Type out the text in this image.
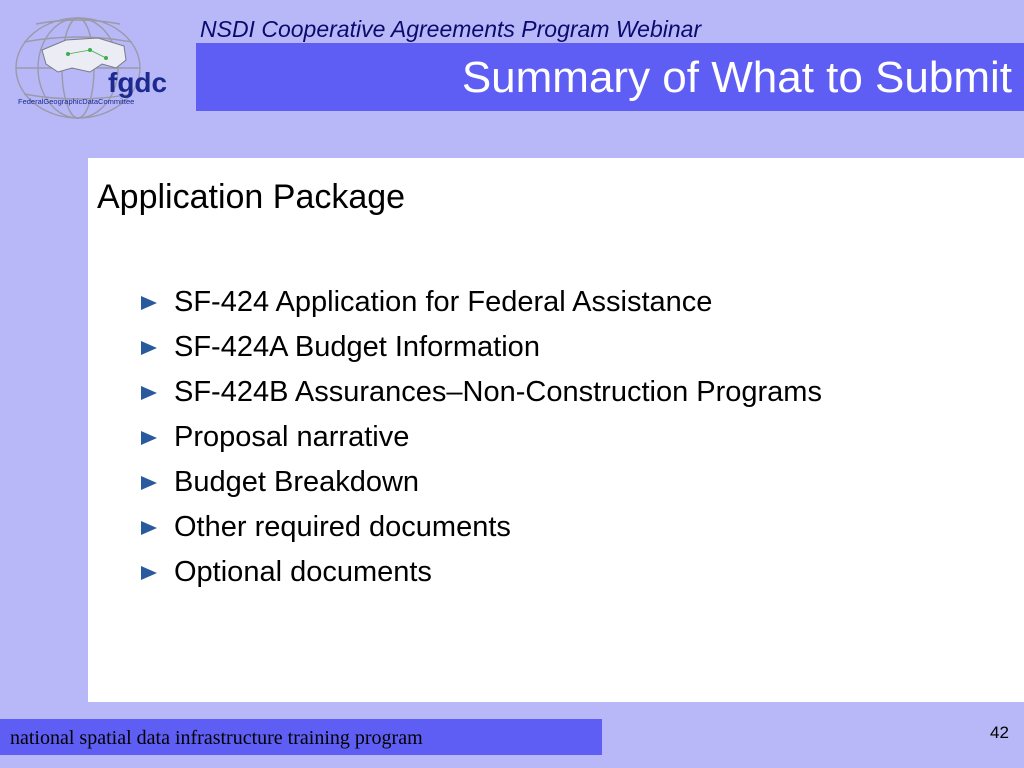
fgdc
FederalGeographicDataCommittee
NSDI Cooperative Agreements Program Webinar
Summary of What to Submit
Application Package
SF-424 Application for Federal Assistance
SF-424A Budget Information
SF-424B Assurances–Non-Construction Programs
Proposal narrative
Budget Breakdown
Other required documents
Optional documents
national spatial data infrastructure training program	42
